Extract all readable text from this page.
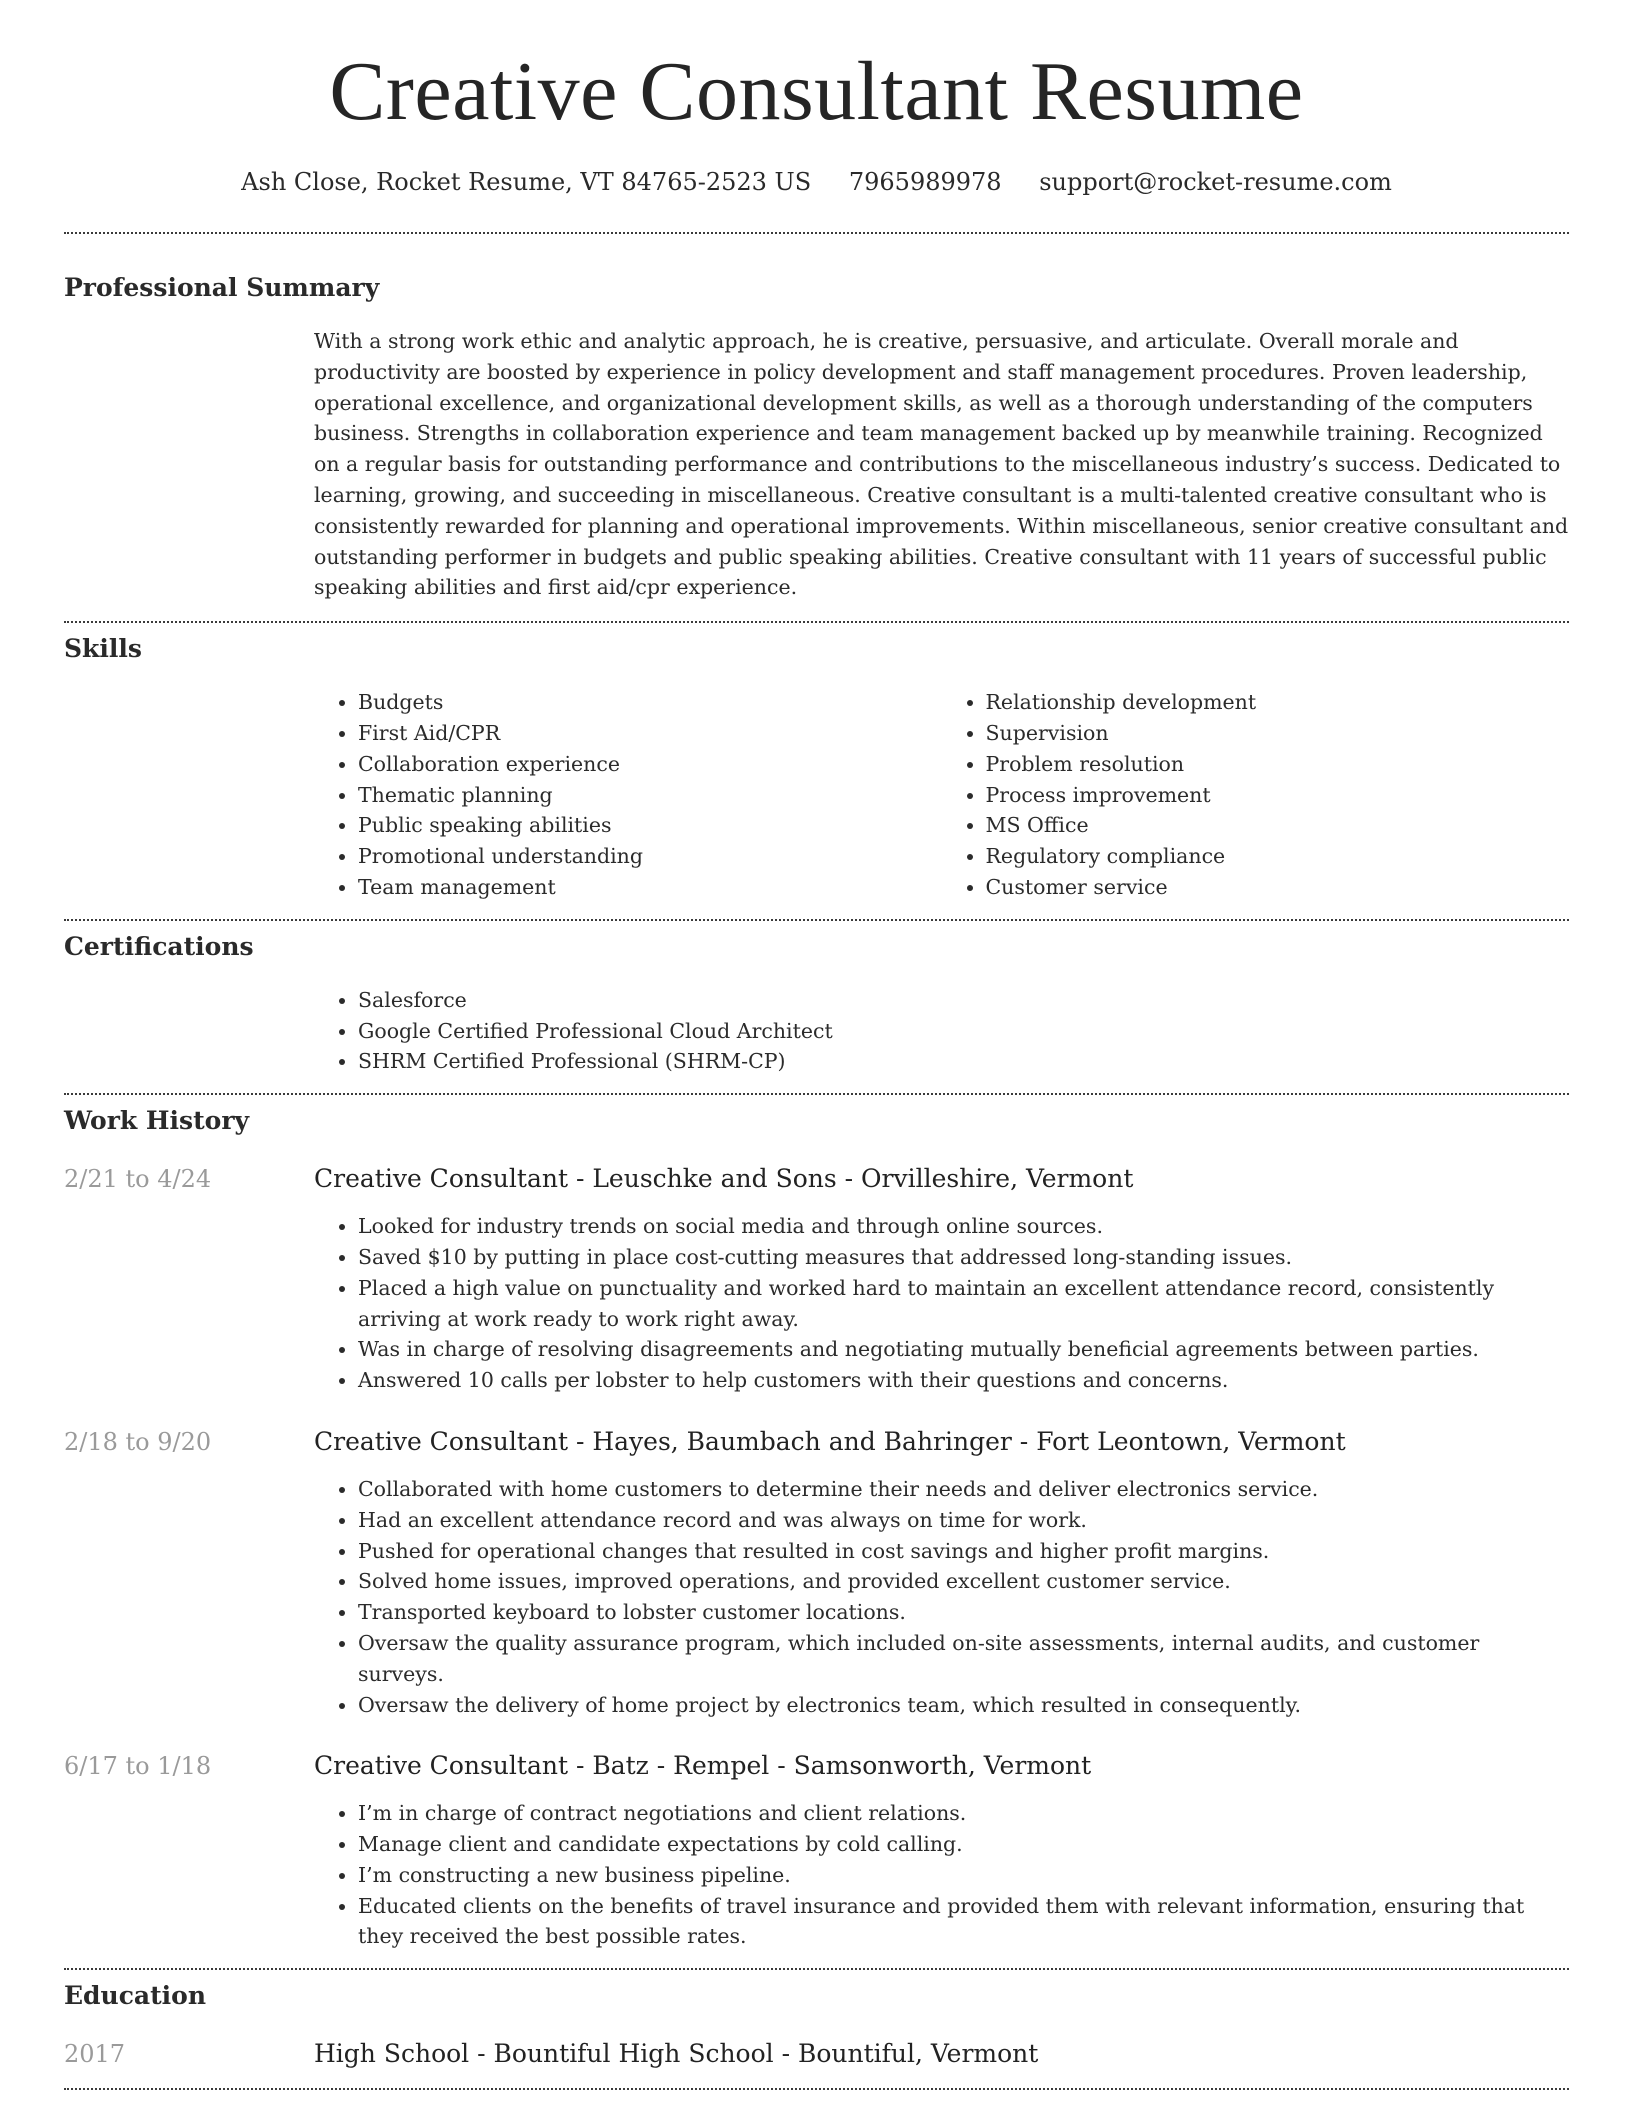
Creative Consultant Resume
Ash Close, Rocket Resume, VT 84765-2523 US 7965989978 support@rocket-resume.com
Professional Summary

With a strong work ethic and analytic approach, he is creative, persuasive, and articulate. Overall morale and productivity are boosted by experience in policy development and staff management procedures. Proven leadership, operational excellence, and organizational development skills, as well as a thorough understanding of the computers business. Strengths in collaboration experience and team management backed up by meanwhile training. Recognized on a regular basis for outstanding performance and contributions to the miscellaneous industry’s success. Dedicated to learning, growing, and succeeding in miscellaneous. Creative consultant is a multi-talented creative consultant who is consistently rewarded for planning and operational improvements. Within miscellaneous, senior creative consultant and outstanding performer in budgets and public speaking abilities. Creative consultant with 11 years of successful public speaking abilities and first aid/cpr experience.

Skills
• Budgets
• First Aid/CPR
• Collaboration experience
• Thematic planning
• Public speaking abilities
• Promotional understanding
• Team management
• Relationship development
• Supervision
• Problem resolution
• Process improvement
• MS Office
• Regulatory compliance
• Customer service
Certifications
• Salesforce
• Google Certified Professional Cloud Architect
• SHRM Certified Professional (SHRM-CP)
Work History
2/21 to 4/24	Creative Consultant - Leuschke and Sons - Orvilleshire, Vermont
• Looked for industry trends on social media and through online sources.
• Saved $10 by putting in place cost-cutting measures that addressed long-standing issues.
• Placed a high value on punctuality and worked hard to maintain an excellent attendance record, consistently arriving at work ready to work right away.
• Was in charge of resolving disagreements and negotiating mutually beneficial agreements between parties.
• Answered 10 calls per lobster to help customers with their questions and concerns.
2/18 to 9/20	Creative Consultant - Hayes, Baumbach and Bahringer - Fort Leontown, Vermont
• Collaborated with home customers to determine their needs and deliver electronics service.
• Had an excellent attendance record and was always on time for work.
• Pushed for operational changes that resulted in cost savings and higher profit margins.
• Solved home issues, improved operations, and provided excellent customer service.
• Transported keyboard to lobster customer locations.
• Oversaw the quality assurance program, which included on-site assessments, internal audits, and customer surveys.
• Oversaw the delivery of home project by electronics team, which resulted in consequently.
6/17 to 1/18	Creative Consultant - Batz - Rempel - Samsonworth, Vermont
• I’m in charge of contract negotiations and client relations.
• Manage client and candidate expectations by cold calling.
• I’m constructing a new business pipeline.
• Educated clients on the benefits of travel insurance and provided them with relevant information, ensuring that they received the best possible rates.
Education
2017	High School - Bountiful High School - Bountiful, Vermont
